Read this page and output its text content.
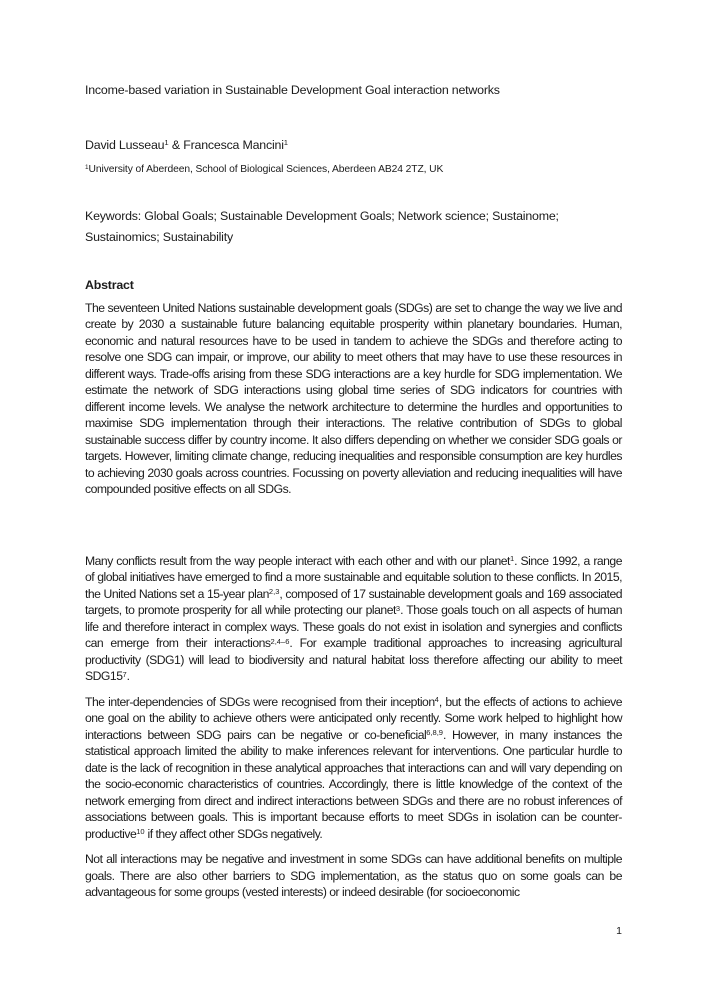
Income-based variation in Sustainable Development Goal interaction networks

David Lusseau$^1$ & Francesca Mancini$^1$

$^1$University of Aberdeen, School of Biological Sciences, Aberdeen AB24 2TZ, UK

Keywords: Global Goals; Sustainable Development Goals; Network science; Sustainome; Sustainomics; Sustainability

Abstract

The seventeen United Nations sustainable development goals (SDGs) are set to change the way we live and create by 2030 a sustainable future balancing equitable prosperity within planetary boundaries. Human, economic and natural resources have to be used in tandem to achieve the SDGs and therefore acting to resolve one SDG can impair, or improve, our ability to meet others that may have to use these resources in different ways. Trade-offs arising from these SDG interactions are a key hurdle for SDG implementation. We estimate the network of SDG interactions using global time series of SDG indicators for countries with different income levels. We analyse the network architecture to determine the hurdles and opportunities to maximise SDG implementation through their interactions. The relative contribution of SDGs to global sustainable success differ by country income. It also differs depending on whether we consider SDG goals or targets. However, limiting climate change, reducing inequalities and responsible consumption are key hurdles to achieving 2030 goals across countries. Focussing on poverty alleviation and reducing inequalities will have compounded positive effects on all SDGs.

Many conflicts result from the way people interact with each other and with our planet$^1$. Since 1992, a range of global initiatives have emerged to find a more sustainable and equitable solution to these conflicts. In 2015, the United Nations set a 15-year plan$^{2,3}$, composed of 17 sustainable development goals and 169 associated targets, to promote prosperity for all while protecting our planet$^3$. Those goals touch on all aspects of human life and therefore interact in complex ways. These goals do not exist in isolation and synergies and conflicts can emerge from their interactions$^{2,4-6}$. For example traditional approaches to increasing agricultural productivity (SDG1) will lead to biodiversity and natural habitat loss therefore affecting our ability to meet $SDG15^7$.

The inter-dependencies of SDGs were recognised from their inception$^4$, but the effects of actions to achieve one goal on the ability to achieve others were anticipated only recently. Some work helped to highlight how interactions between SDG pairs can be negative or co-beneficial$^{6,8,9}$. However, in many instances the statistical approach limited the ability to make inferences relevant for interventions. One particular hurdle to date is the lack of recognition in these analytical approaches that interactions can and will vary depending on the socio-economic characteristics of countries. Accordingly, there is little knowledge of the context of the network emerging from direct and indirect interactions between SDGs and there are no robust inferences of associations between goals. This is important because efforts to meet SDGs in isolation can be counter-productive$^{10}$ if they affect other SDGs negatively.

Not all interactions may be negative and investment in some SDGs can have additional benefits on multiple goals. There are also other barriers to SDG implementation, as the status quo on some goals can be advantageous for some groups (vested interests) or indeed desirable (for socioeconomic

1
